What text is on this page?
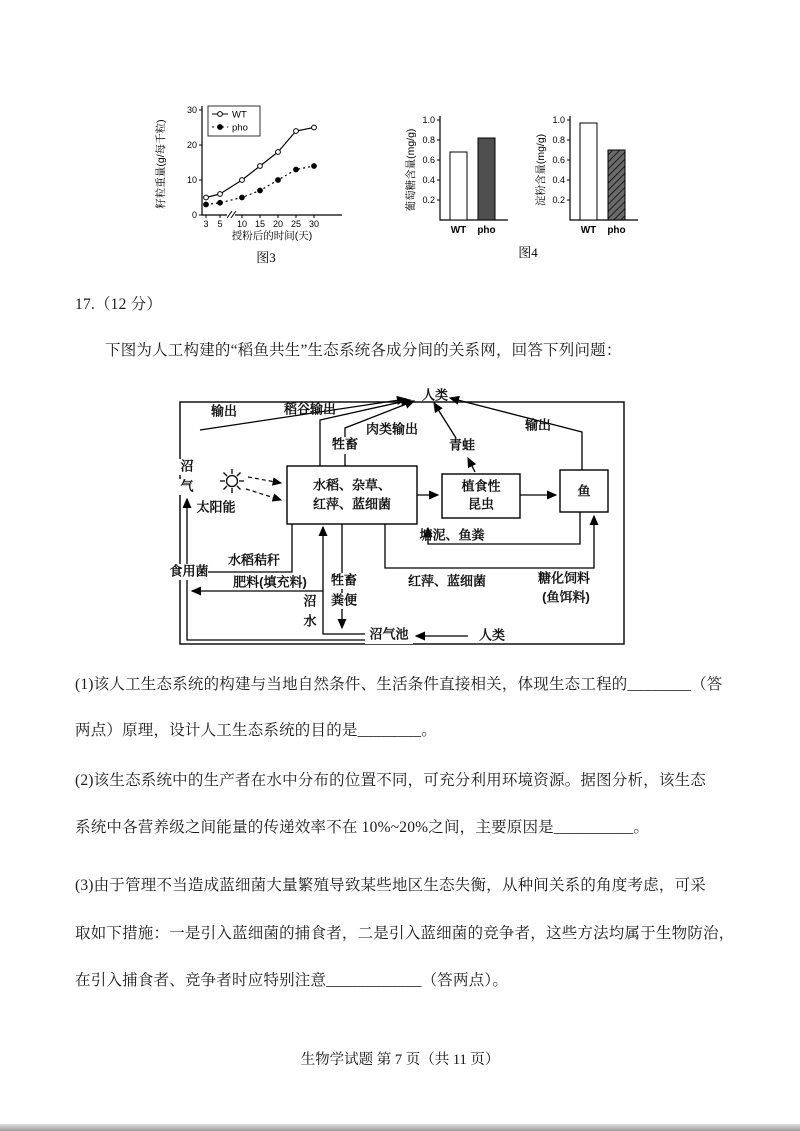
0
10
20
30
3 5 10 15 20 25 30
WT
pho
籽粒重量(g/每千粒)
授粉后的时间(天)
0.2
0.4
0.6
0.8
1.0
WT pho
葡萄糖含量(mg/g)	0.2
0.4
0.6
0.8
1.0
WT pho
淀粉含量(mg/g)
图3	图4
17.（12 分）
下图为人工构建的“稻鱼共生”生态系统各成分间的关系网，回答下列问题：
人类
输出	稻谷输出
肉类输出
牲畜	青蛙
输出
沼
气
太阳能
水稻、杂草、
红萍、蓝细菌
植食性
昆虫
鱼
塘泥、鱼粪
水稻秸秆
食用菌
肥料(填充料) 牲畜
粪便
红萍、蓝细菌	糖化饲料
(鱼饵料)
沼
水
沼气池	人类
(1)该人工生态系统的构建与当地自然条件、生活条件直接相关，体现生态工程的________（答
两点）原理，设计人工生态系统的目的是________。
(2)该生态系统中的生产者在水中分布的位置不同，可充分利用环境资源。据图分析，该生态
系统中各营养级之间能量的传递效率不在 10%~20%之间，主要原因是__________。
(3)由于管理不当造成蓝细菌大量繁殖导致某些地区生态失衡，从种间关系的角度考虑，可采
取如下措施：一是引入蓝细菌的捕食者，二是引入蓝细菌的竞争者，这些方法均属于生物防治，
在引入捕食者、竞争者时应特别注意____________（答两点）。
生物学试题 第 7 页（共 11 页）
